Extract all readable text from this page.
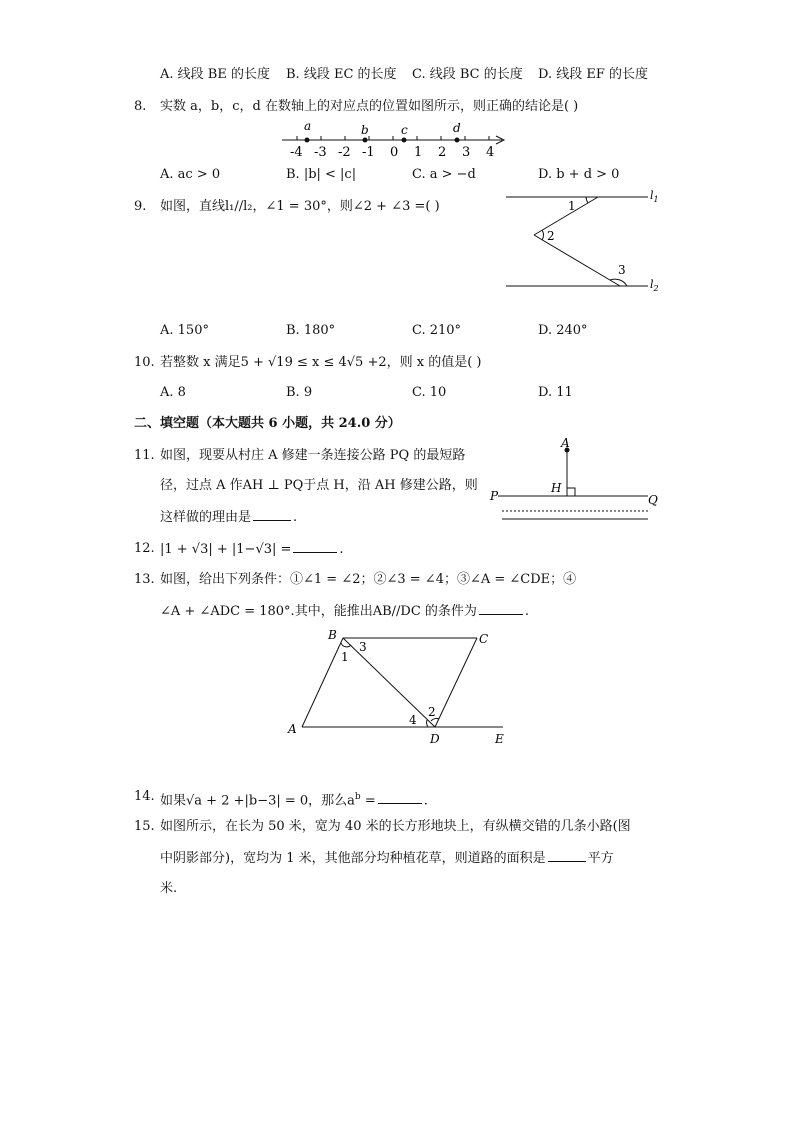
A. 线段 BE 的长度 B. 线段 EC 的长度 C. 线段 BC 的长度 D. 线段 EF 的长度
8. 实数 a，b，c，d 在数轴上的对应点的位置如图所示，则正确的结论是( )
-4 -3 -2 -1 0 1 2 3 4
a	b	c	d
A. ac > 0	B. |b| < |c|	C. a > −d	D. b + d > 0
9. 如图，直线l₁//l₂，∠1 = 30°，则∠2 + ∠3 =( )	1
2
3
$l_1$
$l_2$
A. 150°	B. 180°	C. 210°	D. 240°
10. 若整数 x 满足5 + √19 ≤ x ≤ 4√5 +2，则 x 的值是( )
A. 8	B. 9	C. 10	D. 11
二、填空题（本大题共 6 小题，共 24.0 分）
11. 如图，现要从村庄 A 修建一条连接公路 PQ 的最短路
径，过点 A 作AH ⊥ PQ于点 H，沿 AH 修建公路，则
这样做的理由是	.
A
H
P	Q
12. |1 + √3| + |1−√3| =	.
13. 如图，给出下列条件：①∠1 = ∠2；②∠3 = ∠4；③∠A = ∠CDE；④
∠A + ∠ADC = 180°.其中，能推出AB//DC 的条件为	.
A
B	C
D	E
1
3
2
4
14. 如果√a + 2 +|b−3| = 0，那么$a^b$ =	.
15. 如图所示，在长为 50 米，宽为 40 米的长方形地块上，有纵横交错的几条小路(图
中阴影部分)，宽均为 1 米，其他部分均种植花草，则道路的面积是	平方
米.
